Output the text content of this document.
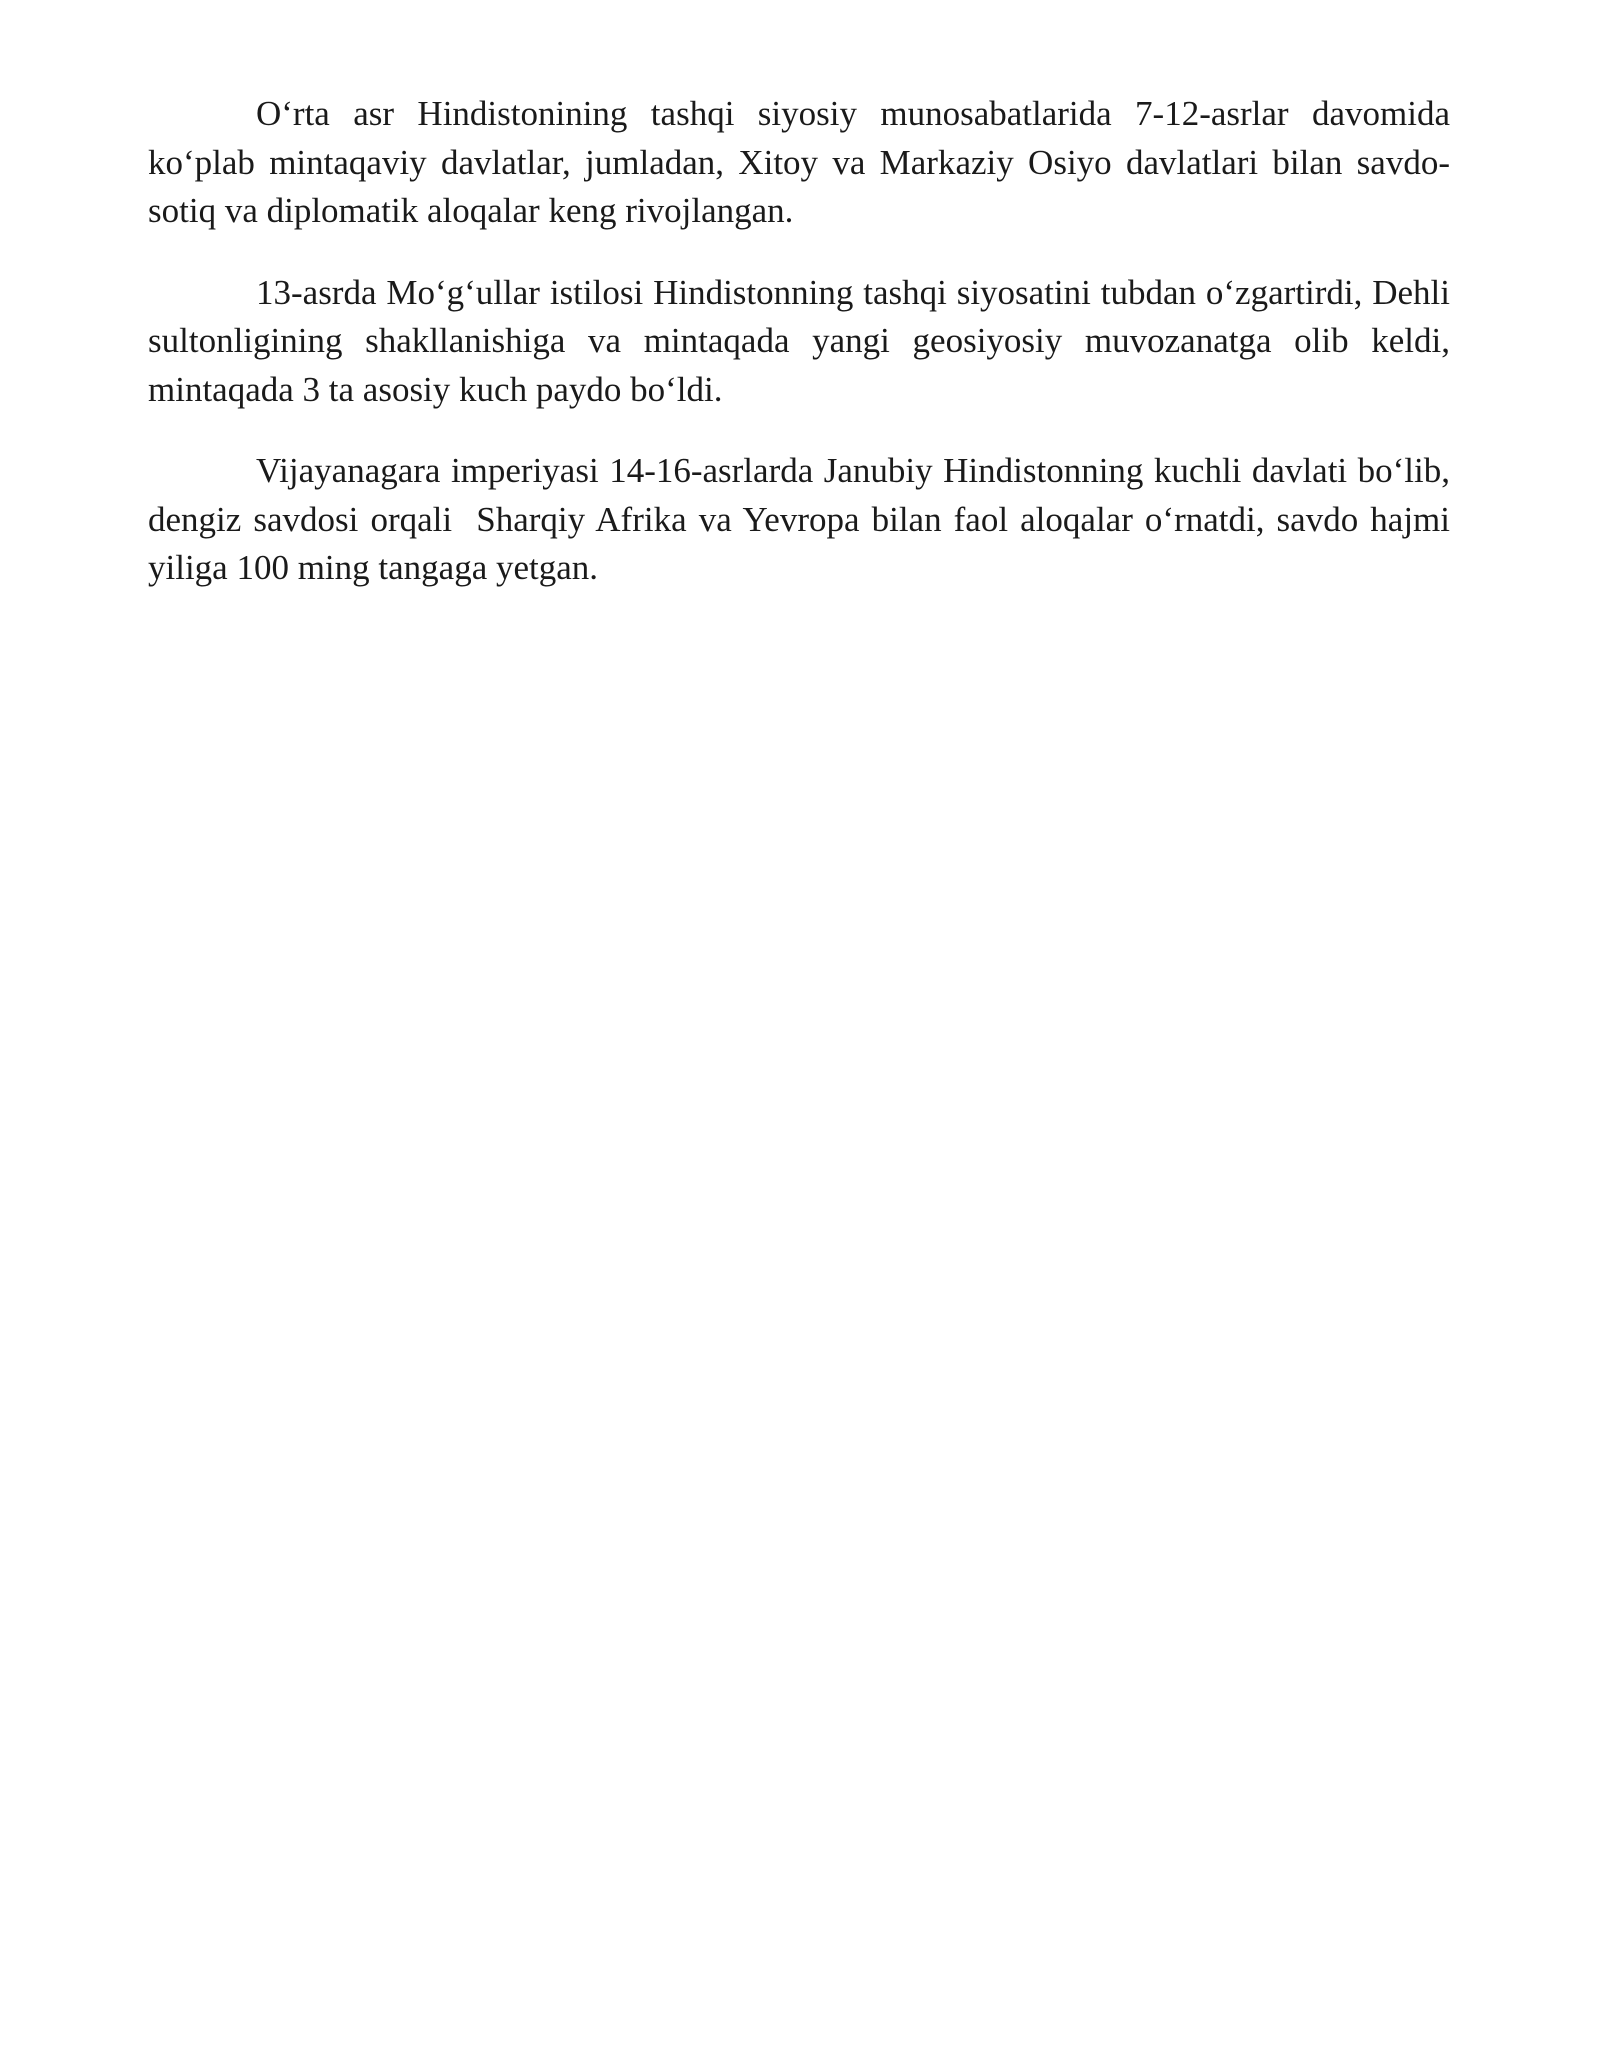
O‘rta asr Hindistonining tashqi siyosiy munosabatlarida 7-12-asrlar davomida ko‘plab mintaqaviy davlatlar, jumladan, Xitoy va Markaziy Osiyo davlatlari bilan savdo-sotiq va diplomatik aloqalar keng rivojlangan.

13-asrda Mo‘g‘ullar istilosi Hindistonning tashqi siyosatini tubdan o‘zgartirdi, Dehli sultonligining shakllanishiga va mintaqada yangi geosiyosiy muvozanatga olib keldi, mintaqada 3 ta asosiy kuch paydo bo‘ldi.

Vijayanagara imperiyasi 14-16-asrlarda Janubiy Hindistonning kuchli davlati bo‘lib, dengiz savdosi orqali  Sharqiy Afrika va Yevropa bilan faol aloqalar o‘rnatdi, savdo hajmi yiliga 100 ming tangaga yetgan.
